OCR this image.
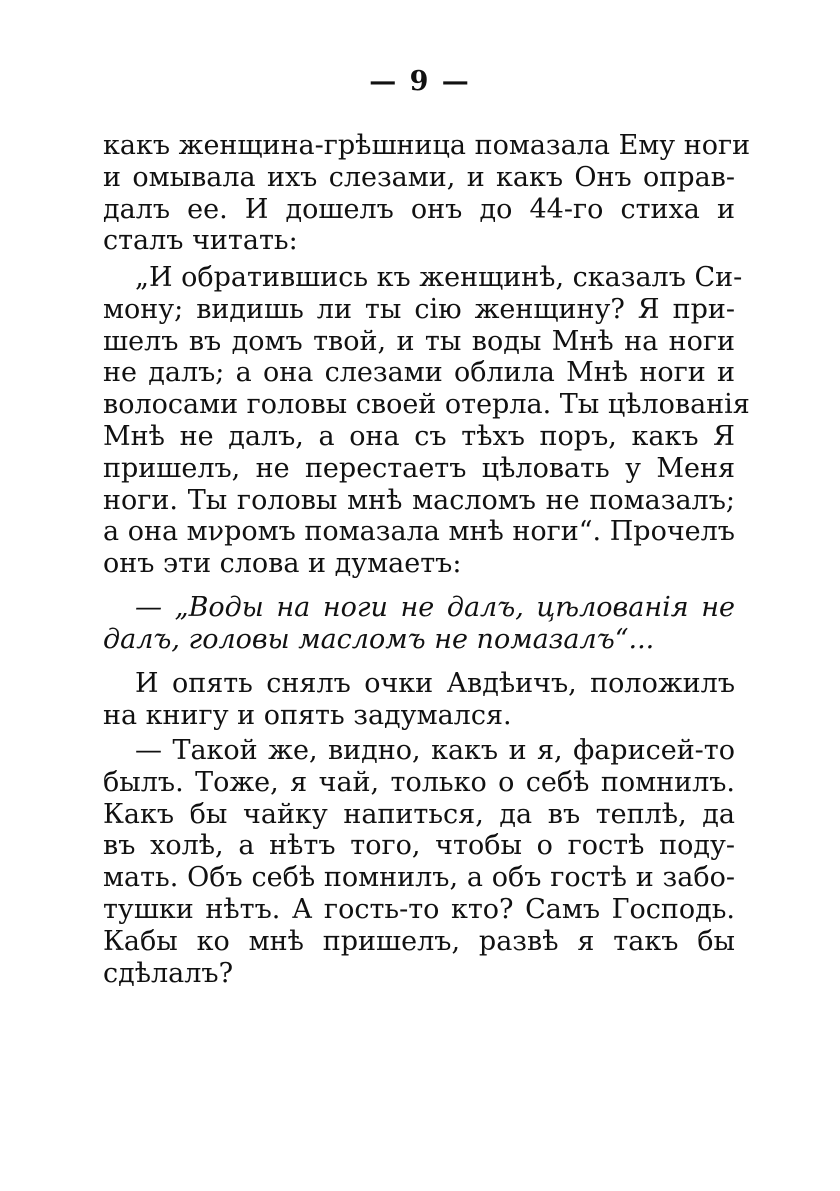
— 9 —
какъ женщина-грѣшница помазала Ему ноги
и омывала ихъ слезами, и какъ Онъ оправ-
далъ ее. И дошелъ онъ до 44-го стиха и
сталъ читать:
„И обратившись къ женщинѣ, сказалъ Си-
мону; видишь ли ты сію женщину? Я при-
шелъ въ домъ твой, и ты воды Мнѣ на ноги
не далъ; а она слезами облила Мнѣ ноги и
волосами головы своей отерла. Ты цѣлованія
Мнѣ не далъ, а она съ тѣхъ поръ, какъ Я
пришелъ, не перестаетъ цѣловать у Меня
ноги. Ты головы мнѣ масломъ не помазалъ;
а она мνромъ помазала мнѣ ноги“. Прочелъ
онъ эти слова и думаетъ:
— „Воды на ноги не далъ, цѣлованія не
далъ, головы масломъ не помазалъ“...
И опять снялъ очки Авдѣичъ, положилъ
на книгу и опять задумался.
— Такой же, видно, какъ и я, фарисей-то
былъ. Тоже, я чай, только о себѣ помнилъ.
Какъ бы чайку напиться, да въ теплѣ, да
въ холѣ, а нѣтъ того, чтобы о гостѣ поду-
мать. Объ себѣ помнилъ, а объ гостѣ и забо-
тушки нѣтъ. А гость-то кто? Самъ Господь.
Кабы ко мнѣ пришелъ, развѣ я такъ бы
сдѣлалъ?
